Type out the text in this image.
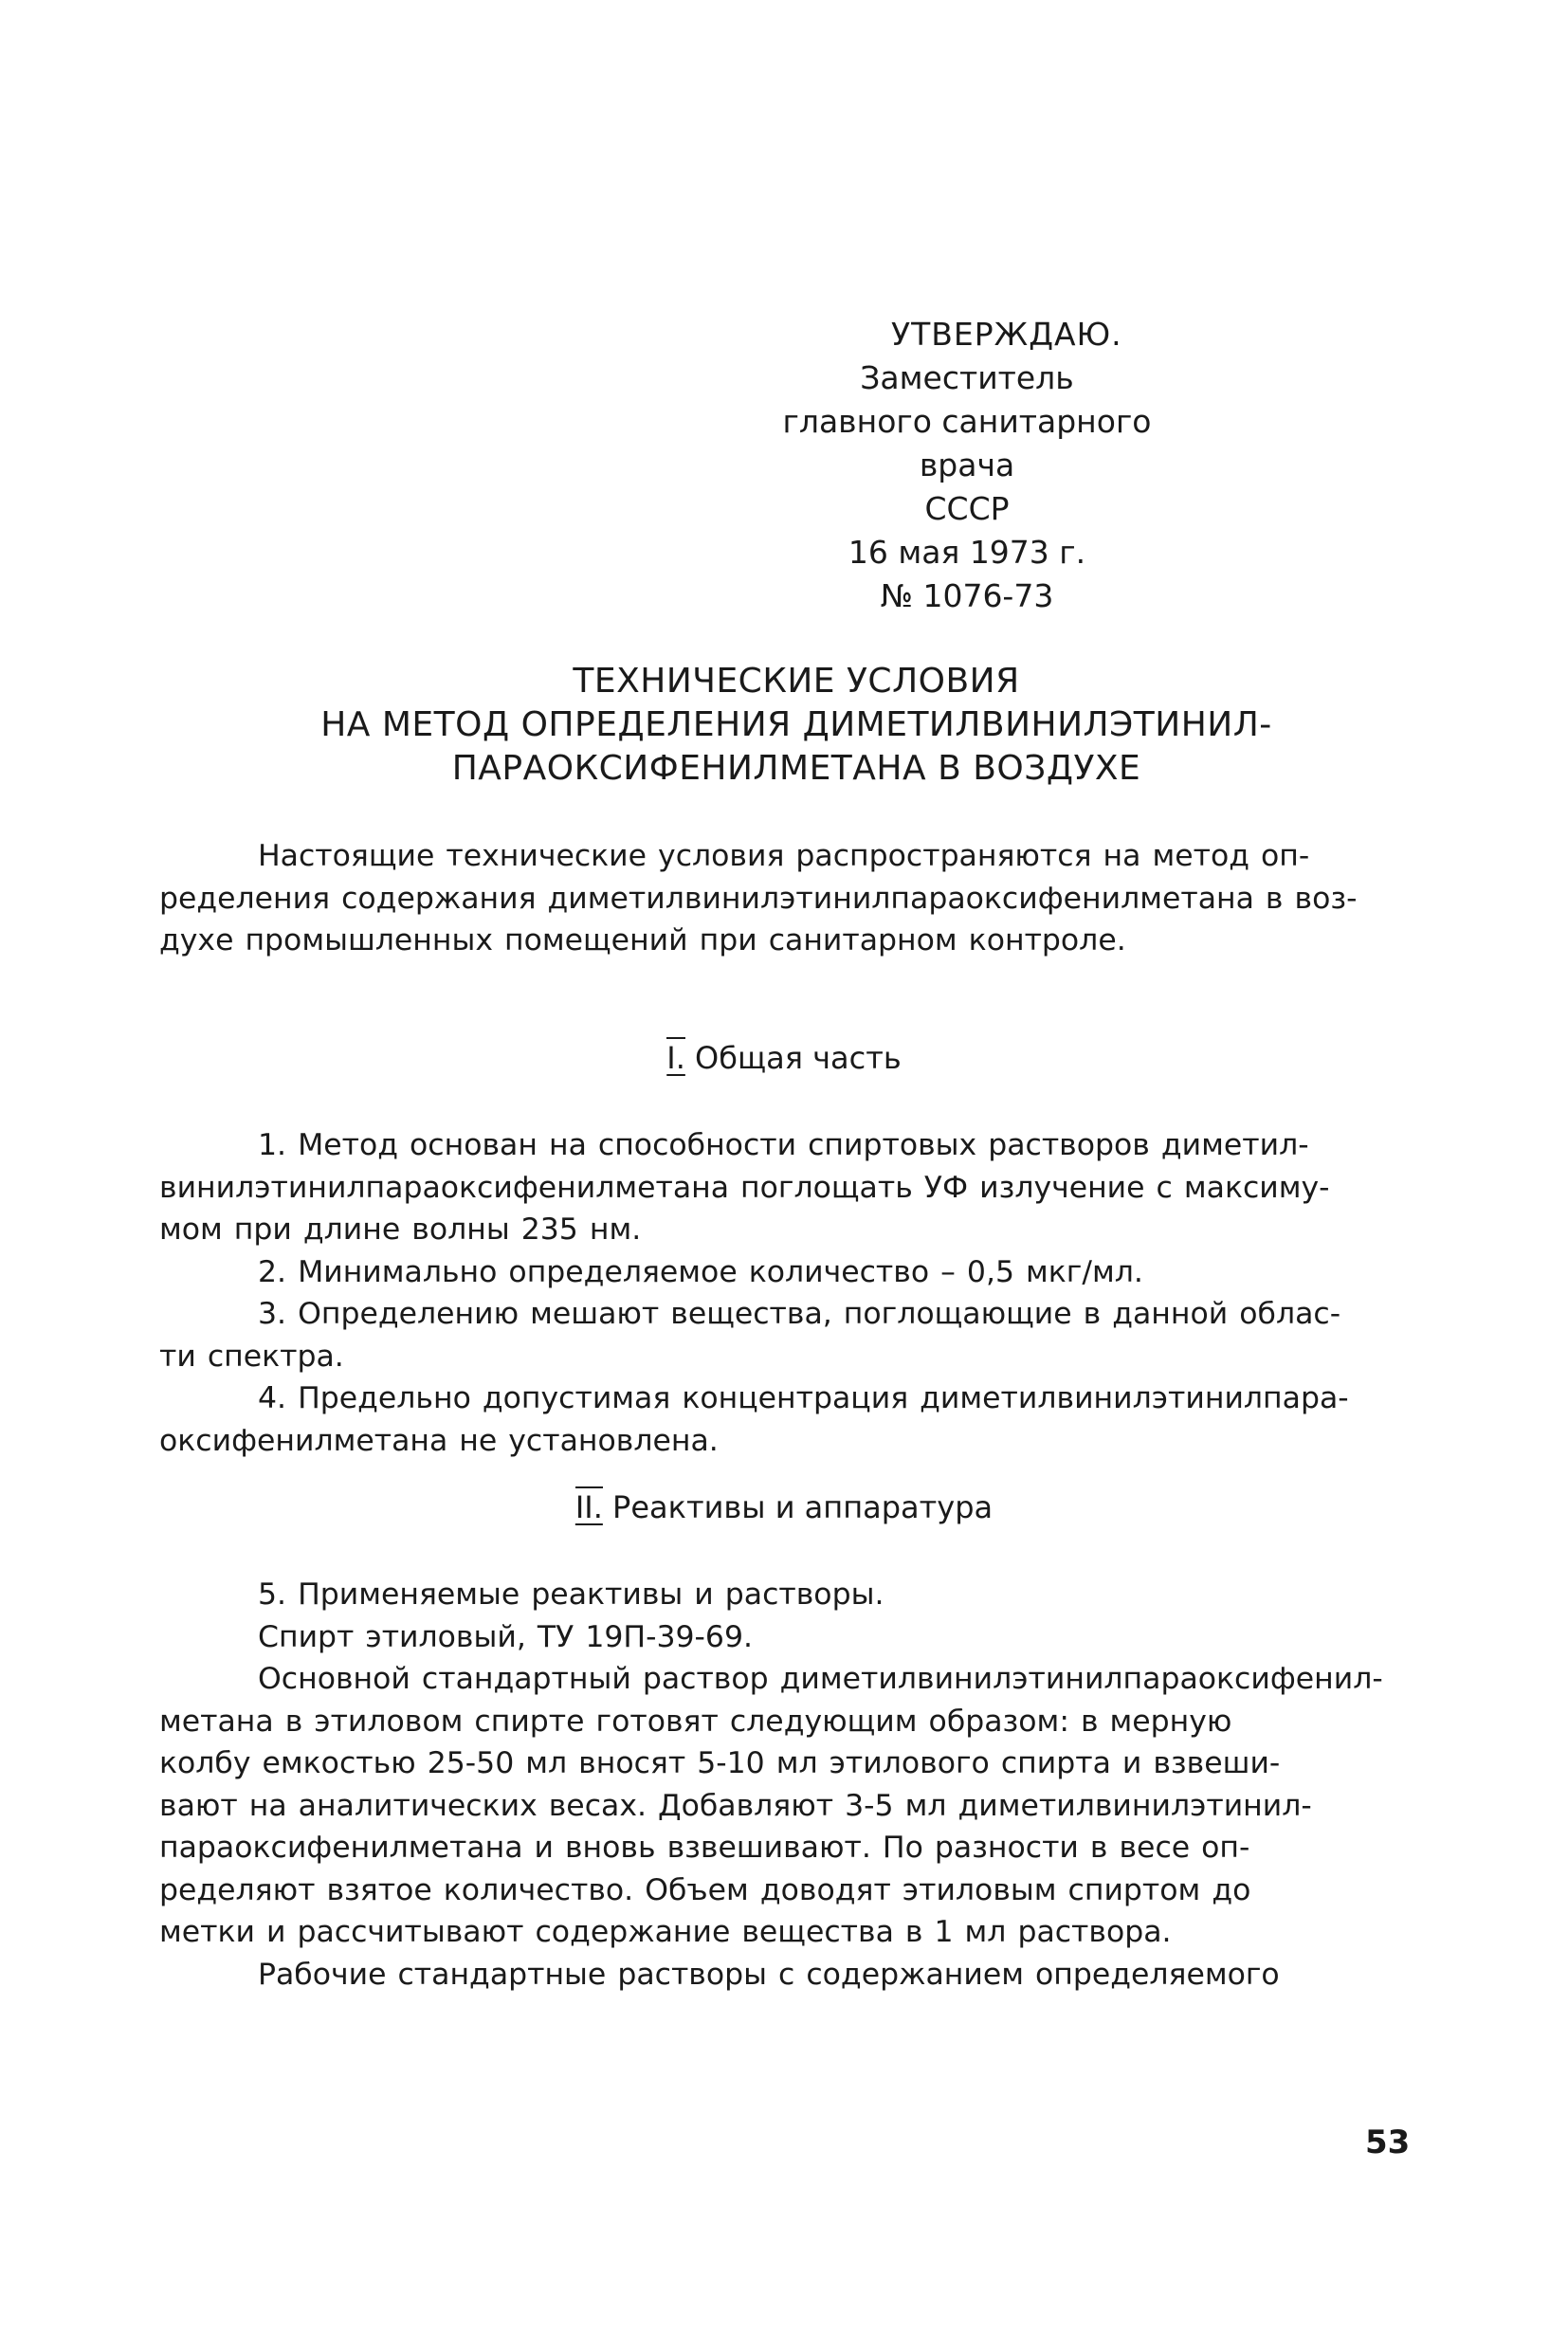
УТВЕРЖДАЮ.
Заместитель
главного санитарного врача
СССР
16 мая 1973 г.
№ 1076-73
ТЕХНИЧЕСКИЕ УСЛОВИЯ
НА МЕТОД ОПРЕДЕЛЕНИЯ ДИМЕТИЛВИНИЛЭТИНИЛ-
ПАРАОКСИФЕНИЛМЕТАНА В ВОЗДУХЕ
Настоящие технические условия распространяются на метод оп-
ределения содержания диметилвинилэтинилпараоксифенилметана в воз-
духе промышленных помещений при санитарном контроле.
I. Общая часть
1. Метод основан на способности спиртовых растворов диметил-
винилэтинилпараоксифенилметана поглощать УФ излучение с максиму-
мом при длине волны 235 нм.
2. Минимально определяемое количество – 0,5 мкг/мл.
3. Определению мешают вещества, поглощающие в данной облас-
ти спектра.
4. Предельно допустимая концентрация диметилвинилэтинилпара-
оксифенилметана не установлена.
II. Реактивы и аппаратура
5. Применяемые реактивы и растворы.
Спирт этиловый, ТУ 19П-39-69.
Основной стандартный раствор диметилвинилэтинилпараоксифенил-
метана в этиловом спирте готовят следующим образом: в мерную
колбу емкостью 25-50 мл вносят 5-10 мл этилового спирта и взвеши-
вают на аналитических весах. Добавляют 3-5 мл диметилвинилэтинил-
параоксифенилметана и вновь взвешивают. По разности в весе оп-
ределяют взятое количество. Объем доводят этиловым спиртом до
метки и рассчитывают содержание вещества в 1 мл раствора.
Рабочие стандартные растворы с содержанием определяемого
53
